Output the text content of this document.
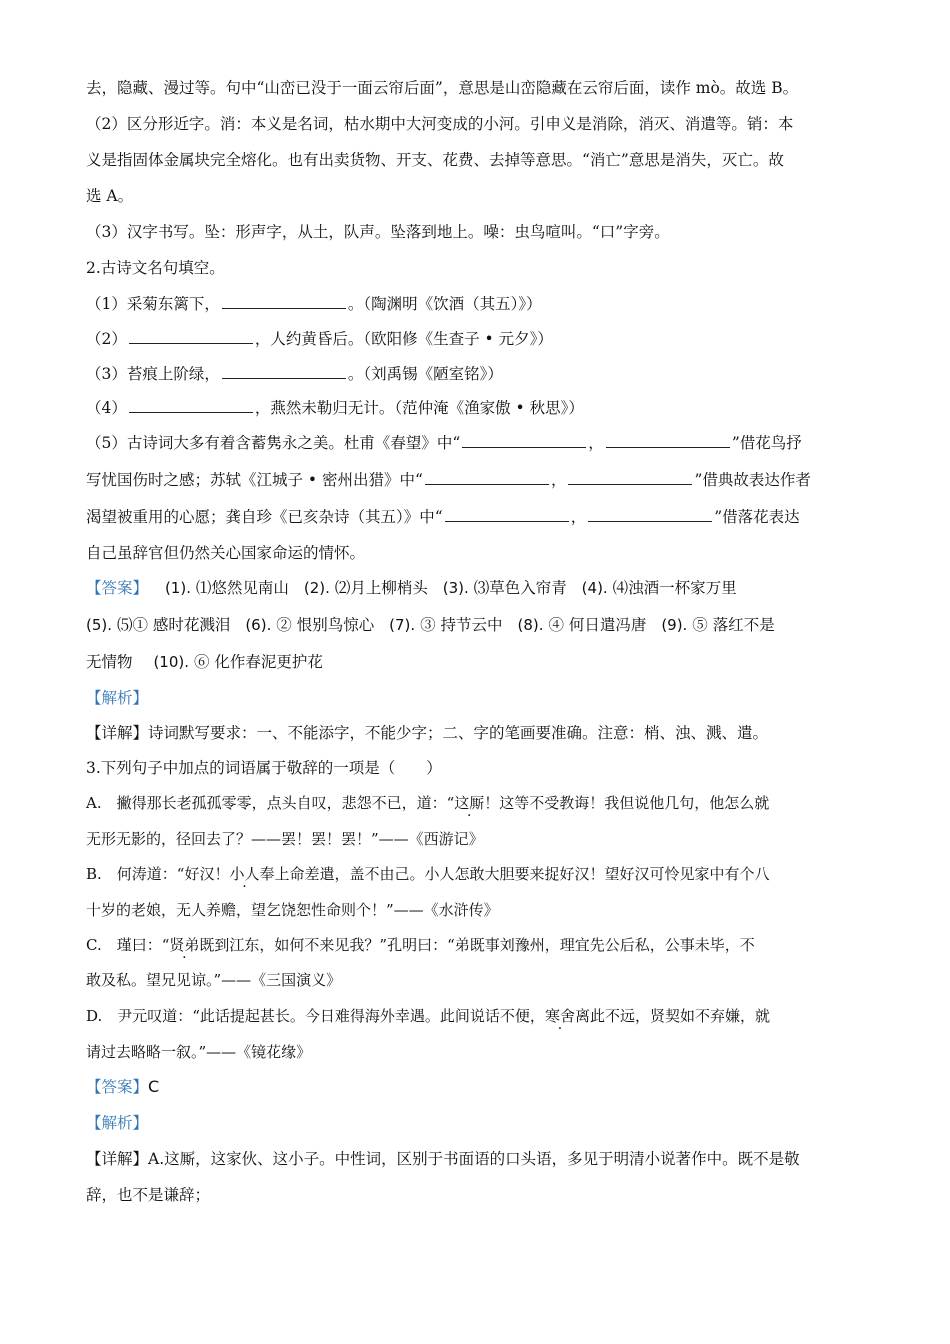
去，隐藏、漫过等。句中“山峦已没于一面云帘后面”，意思是山峦隐藏在云帘后面，读作 mò。故选 B。
（2）区分形近字。消：本义是名词，枯水期中大河变成的小河。引申义是消除，消灭、消遣等。销：本
义是指固体金属块完全熔化。也有出卖货物、开支、花费、去掉等意思。“消亡”意思是消失，灭亡。故
选 A。
（3）汉字书写。坠：形声字，从土，队声。坠落到地上。噪：虫鸟喧叫。“口”字旁。
2.古诗文名句填空。
（1）采菊东篱下，	。（陶渊明《饮酒（其五）》）
（2）	，人约黄昏后。（欧阳修《生查子 • 元夕》）
（3）苔痕上阶绿，	。（刘禹锡《陋室铭》）
（4）	，燕然未勒归无计。（范仲淹《渔家傲 • 秋思》）
（5）古诗词大多有着含蓄隽永之美。杜甫《春望》中“	，	”借花鸟抒
写忧国伤时之感；苏轼《江城子 • 密州出猎》中“	，	”借典故表达作者
渴望被重用的心愿；龚自珍《已亥杂诗（其五）》中“	，	”借落花表达
自己虽辞官但仍然关心国家命运的情怀。
【答案】 (1). ⑴悠然见南山 (2). ⑵月上柳梢头 (3). ⑶草色入帘青 (4). ⑷浊酒一杯家万里
(5). ⑸① 感时花溅泪 (6). ② 恨别鸟惊心 (7). ③ 持节云中 (8). ④ 何日遣冯唐 (9). ⑤ 落红不是
无情物 (10). ⑥ 化作春泥更护花
【解析】
【详解】诗词默写要求：一、不能添字，不能少字；二、字的笔画要准确。注意：梢、浊、溅、遣。
3.下列句子中加点的词语属于敬辞的一项是（　　）
A.　撇得那长老孤孤零零，点头自叹，悲怨不已，道：“这厮！这等不受教诲！我但说他几句，他怎么就
无形无影的，径回去了？——罢！罢！罢！”——《西游记》
B.　何涛道：“好汉！小人奉上命差遣，盖不由己。小人怎敢大胆要来捉好汉！望好汉可怜见家中有个八
十岁的老娘，无人养赡，望乞饶恕性命则个！”——《水浒传》
C.　瑾曰：“贤弟既到江东，如何不来见我？”孔明曰：“弟既事刘豫州，理宜先公后私，公事未毕，不
敢及私。望兄见谅。”——《三国演义》
D.　尹元叹道：“此话提起甚长。今日难得海外幸遇。此间说话不便，寒舍离此不远，贤契如不弃嫌，就
请过去略略一叙。”——《镜花缘》
【答案】C
【解析】
【详解】A.这厮，这家伙、这小子。中性词，区别于书面语的口头语，多见于明清小说著作中。既不是敬
辞，也不是谦辞；
